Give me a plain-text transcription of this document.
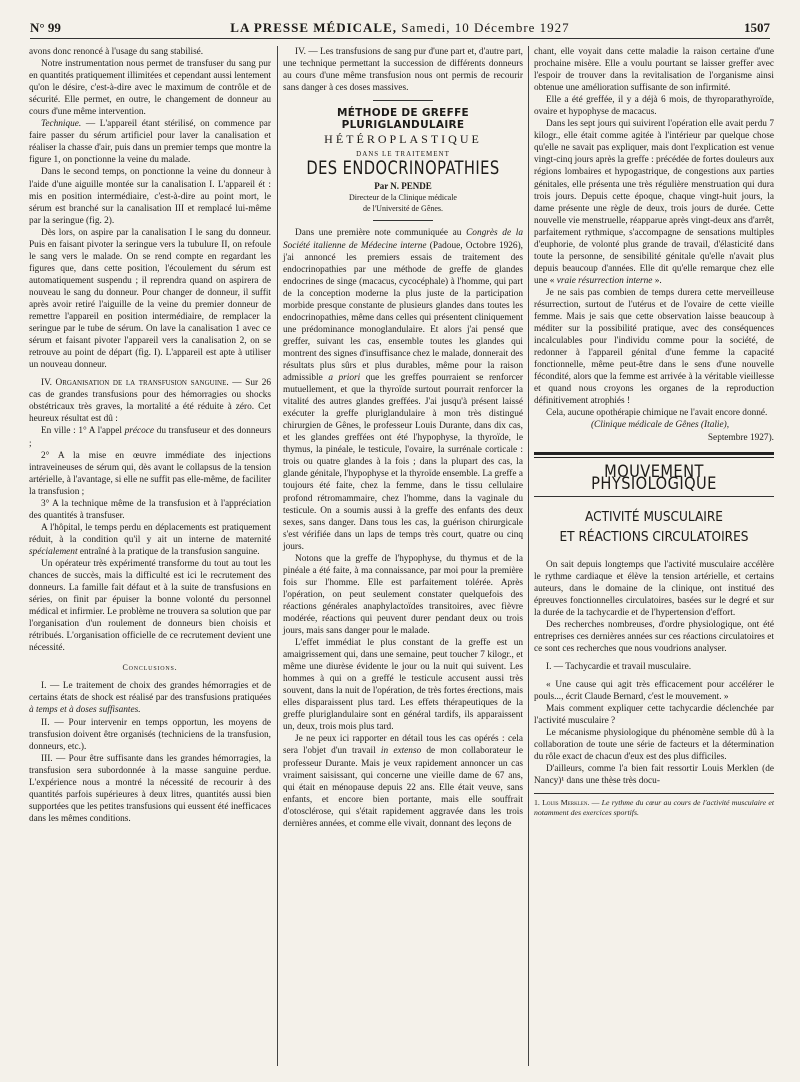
N° 99	LA PRESSE MÉDICALE, Samedi, 10 Décembre 1927	1507

avons donc renoncé à l'usage du sang stabilisé.

Notre instrumentation nous permet de transfuser du sang pur en quantités pratiquement illimitées et cependant aussi lentement qu'on le désire, c'est-à-dire avec le maximum de contrôle et de sécurité. Elle permet, en outre, le changement de donneur au cours d'une même intervention.

Technique. — L'appareil étant stérilisé, on commence par faire passer du sérum artificiel pour laver la canalisation et réaliser la chasse d'air, puis dans un premier temps que montre la figure 1, on ponctionne la veine du malade.

Dans le second temps, on ponctionne la veine du donneur à l'aide d'une aiguille montée sur la canalisation I. L'appareil ét : mis en position intermédiaire, c'est-à-dire au point mort, le sérum est branché sur la canalisation III et remplacé lui-même par la seringue (fig. 2).

Dès lors, on aspire par la canalisation I le sang du donneur. Puis en faisant pivoter la seringue vers la tubulure II, on refoule le sang vers le malade. On se rend compte en regardant les figures que, dans cette position, l'écoulement du sérum est automatiquement suspendu ; il reprendra quand on aspirera de nouveau le sang du donneur. Pour changer de donneur, il suffit après avoir retiré l'aiguille de la veine du premier donneur de remettre l'appareil en position intermédiaire, de remplacer la seringue par le tube de sérum. On lave la canalisation 1 avec ce sérum et faisant pivoter l'appareil vers la canalisation 2, on se retrouve au point de départ (fig. I). L'appareil est apte à utiliser un nouveau donneur.

IV. Organisation de la transfusion sanguine. — Sur 26 cas de grandes transfusions pour des hémorragies ou shocks obstétricaux très graves, la mortalité a été réduite à zéro. Cet heureux résultat est dû :

En ville : 1° A l'appel précoce du transfuseur et des donneurs ;

2° A la mise en œuvre immédiate des injections intraveineuses de sérum qui, dès avant le collapsus de la tension artérielle, à l'avantage, si elle ne suffit pas elle-même, de faciliter la transfusion ;

3° A la technique même de la transfusion et à l'appréciation des quantités à transfuser.

A l'hôpital, le temps perdu en déplacements est pratiquement réduit, à la condition qu'il y ait un interne de maternité spécialement entraîné à la pratique de la transfusion sanguine.

Un opérateur très expérimenté transforme du tout au tout les chances de succès, mais la difficulté est ici le recrutement des donneurs. La famille fait défaut et à la suite de transfusions en séries, on finit par épuiser la bonne volonté du personnel médical et infirmier. Le problème ne trouvera sa solution que par l'organisation d'un roulement de donneurs bien choisis et rétribués. L'organisation officielle de ce recrutement devient une nécessité.

Conclusions.

I. — Le traitement de choix des grandes hémorragies et de certains états de shock est réalisé par des transfusions pratiquées à temps et à doses suffisantes.

II. — Pour intervenir en temps opportun, les moyens de transfusion doivent être organisés (techniciens de la transfusion, donneurs, etc.).

III. — Pour être suffisante dans les grandes hémorragies, la transfusion sera subordonnée à la masse sanguine perdue. L'expérience nous a montré la nécessité de recourir à des quantités parfois supérieures à deux litres, quantités aussi bien supportées que les petites transfusions qui eussent été inefficaces dans les mêmes conditions.

IV. — Les transfusions de sang pur d'une part et, d'autre part, une technique permettant la succession de différents donneurs au cours d'une même transfusion nous ont permis de recourir sans danger à ces doses massives.

MÉTHODE DE GREFFE PLURIGLANDULAIRE
HÉTÉROPLASTIQUE
DANS LE TRAITEMENT
DES ENDOCRINOPATHIES
Par N. PENDE
Directeur de la Clinique médicale
de l'Université de Gênes.

Dans une première note communiquée au Congrès de la Société italienne de Médecine interne (Padoue, Octobre 1926), j'ai annoncé les premiers essais de traitement des endocrinopathies par une méthode de greffe de glandes endocrines de singe (macacus, cycocéphale) à l'homme, qui part de la conception moderne la plus juste de la participation morbide presque constante de plusieurs glandes dans toutes les endocrinopathies, même dans celles qui présentent cliniquement une prédominance monoglandulaire. Et alors j'ai pensé que greffer, suivant les cas, ensemble toutes les glandes qui montrent des signes d'insuffisance chez le malade, donnerait des résultats plus sûrs et plus durables, même pour la raison admissible a priori que les greffes pourraient se renforcer mutuellement, et que la thyroïde surtout pourrait renforcer la vitalité des autres glandes greffées. J'ai jusqu'à présent laissé exécuter la greffe pluriglandulaire à mon très distingué chirurgien de Gênes, le professeur Louis Durante, dans dix cas, et les glandes greffées ont été l'hypophyse, la thyroïde, le thymus, la pinéale, le testicule, l'ovaire, la surrénale corticale : trois ou quatre glandes à la fois ; dans la plupart des cas, la glande génitale, l'hypophyse et la thyroïde ensemble. La greffe a toujours été faite, chez la femme, dans le tissu cellulaire profond rétromammaire, chez l'homme, dans la vaginale du testicule. On a soumis aussi à la greffe des enfants des deux sexes, sans danger. Dans tous les cas, la guérison chirurgicale s'est vérifiée dans un laps de temps très court, quatre ou cinq jours.

Notons que la greffe de l'hypophyse, du thymus et de la pinéale a été faite, à ma connaissance, par moi pour la première fois sur l'homme. Elle est parfaitement tolérée. Après l'opération, on peut seulement constater quelquefois des réactions générales anaphylactoïdes transitoires, avec fièvre modérée, réactions qui peuvent durer pendant deux ou trois jours, mais sans danger pour le malade.

L'effet immédiat le plus constant de la greffe est un amaigrissement qui, dans une semaine, peut toucher 7 kilogr., et même une diurèse évidente le jour ou la nuit qui suivent. Les hommes à qui on a greffé le testicule accusent aussi très souvent, dans la nuit de l'opération, de très fortes érections, mais elles disparaissent plus tard. Les effets thérapeutiques de la greffe pluriglandulaire sont en général tardifs, ils apparaissent un, deux, trois mois plus tard.

Je ne peux ici rapporter en détail tous les cas opérés : cela sera l'objet d'un travail in extenso de mon collaborateur le professeur Durante. Mais je veux rapidement annoncer un cas vraiment saisissant, qui concerne une vieille dame de 67 ans, qui était en ménopause depuis 22 ans. Elle était veuve, sans enfants, et encore bien portante, mais elle souffrait d'otosclérose, qui s'était rapidement aggravée dans les trois dernières années, et comme elle vivait, donnant des leçons de

chant, elle voyait dans cette maladie la raison certaine d'une prochaine misère. Elle a voulu pourtant se laisser greffer avec l'espoir de trouver dans la revitalisation de l'organisme ainsi obtenue une amélioration suffisante de son infirmité.

Elle a été greffée, il y a déjà 6 mois, de thyroparathyroïde, ovaire et hypophyse de macacus.

Dans les sept jours qui suivirent l'opération elle avait perdu 7 kilogr., elle était comme agitée à l'intérieur par quelque chose qu'elle ne savait pas expliquer, mais dont l'explication est venue vingt-cinq jours après la greffe : précédée de fortes douleurs aux régions lombaires et hypogastrique, de congestions aux parties génitales, elle présenta une très régulière menstruation qui dura trois jours. Depuis cette époque, chaque vingt-huit jours, la dame présente une règle de deux, trois jours de durée. Cette nouvelle vie menstruelle, réapparue après vingt-deux ans d'arrêt, parfaitement rythmique, s'accompagne de sensations multiples d'euphorie, de volonté plus grande de travail, d'élasticité dans toute la personne, de sensibilité génitale qu'elle n'avait plus depuis beaucoup d'années. Elle dit qu'elle remarque chez elle une « vraie résurrection interne ».

Je ne sais pas combien de temps durera cette merveilleuse résurrection, surtout de l'utérus et de l'ovaire de cette vieille femme. Mais je sais que cette observation laisse beaucoup à méditer sur la possibilité pratique, avec des conséquences incalculables pour l'individu comme pour la société, de redonner à l'appareil génital d'une femme la capacité fonctionnelle, même peut-être dans le sens d'une nouvelle fécondité, alors que la femme est arrivée à la véritable vieillesse et quand nous croyons les organes de la reproduction définitivement atrophiés !

Cela, aucune opothérapie chimique ne l'avait encore donné.

(Clinique médicale de Gênes (Italie),

Septembre 1927).

MOUVEMENT PHYSIOLOGIQUE
ACTIVITÉ MUSCULAIRE
ET RÉACTIONS CIRCULATOIRES

On sait depuis longtemps que l'activité musculaire accélère le rythme cardiaque et élève la tension artérielle, et certains auteurs, dans le domaine de la clinique, ont institué des épreuves fonctionnelles circulatoires, basées sur le degré et sur la durée de la tachycardie et de l'hypertension d'effort.

Des recherches nombreuses, d'ordre physiologique, ont été entreprises ces dernières années sur ces réactions circulatoires et ce sont ces recherches que nous voudrions analyser.

I. — Tachycardie et travail musculaire.

« Une cause qui agit très efficacement pour accélérer le pouls..., écrit Claude Bernard, c'est le mouvement. »

Mais comment expliquer cette tachycardie déclenchée par l'activité musculaire ?

Le mécanisme physiologique du phénomène semble dû à la collaboration de toute une série de facteurs et la détermination du rôle exact de chacun d'eux est des plus difficiles.

D'ailleurs, comme l'a bien fait ressortir Louis Merklen (de Nancy)¹ dans une thèse très docu-

1. Louis Merklen. — Le rythme du cœur au cours de l'activité musculaire et notamment des exercices sportifs.
